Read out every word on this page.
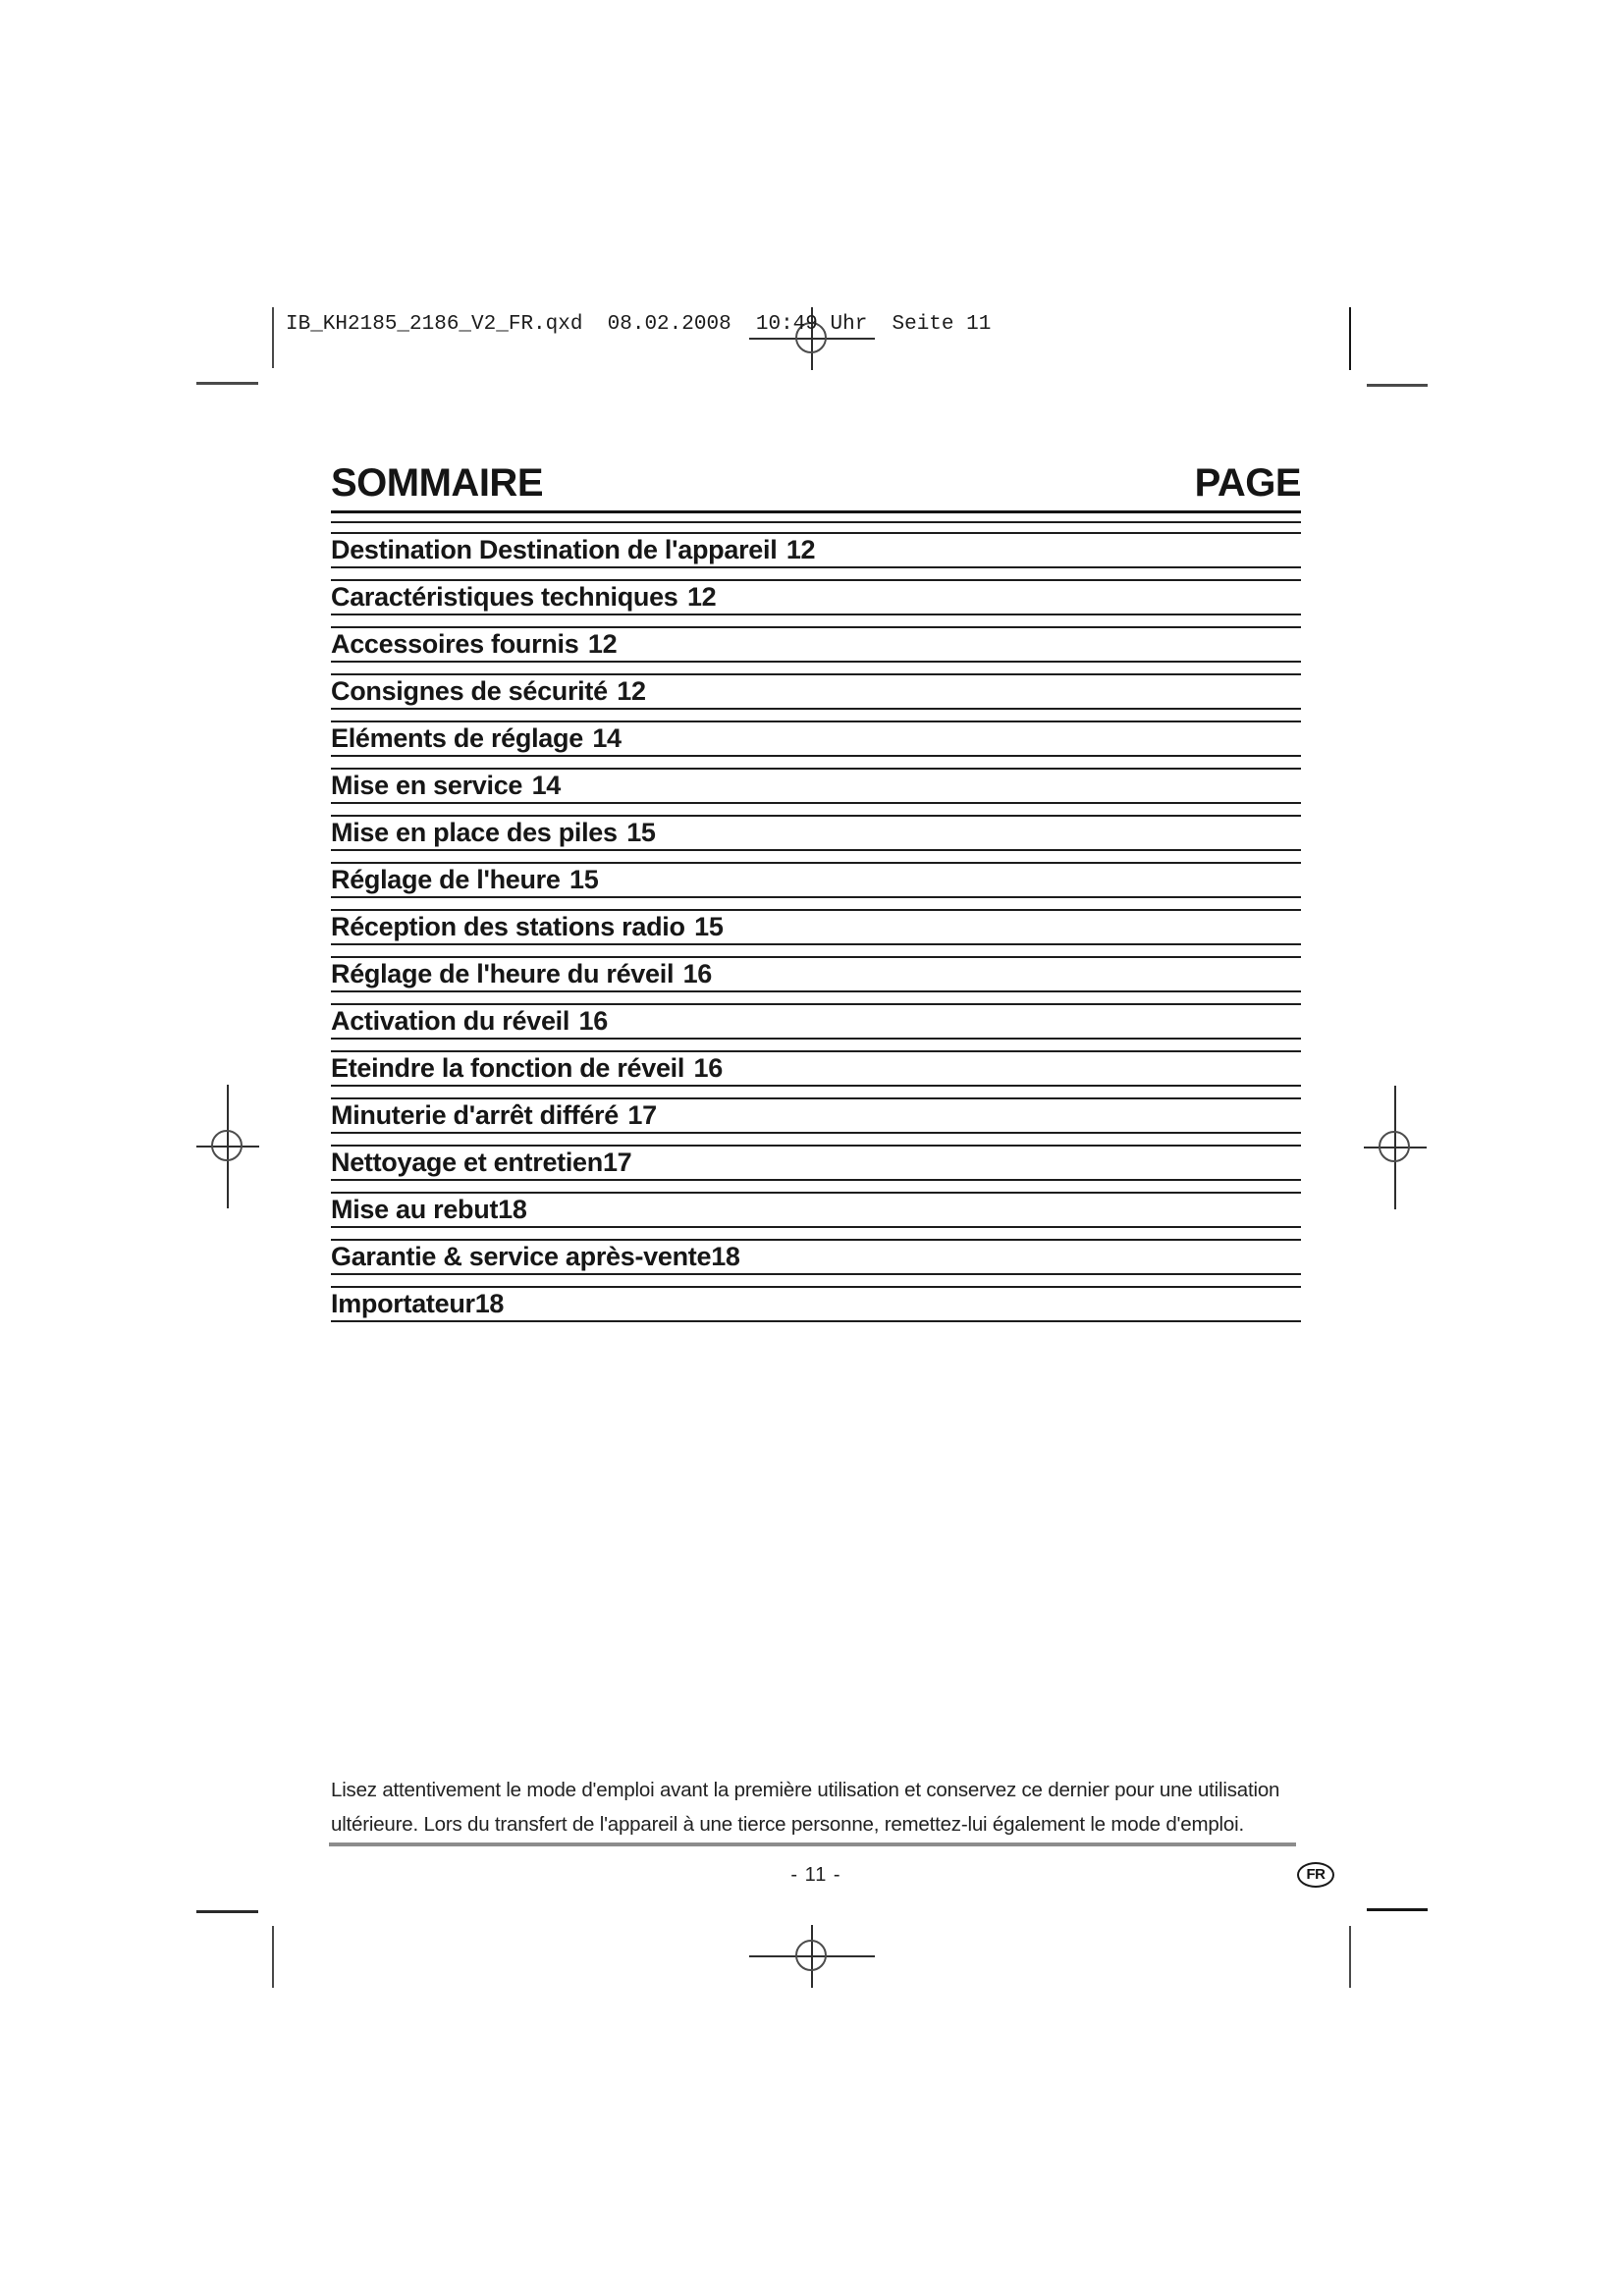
IB_KH2185_2186_V2_FR.qxd  08.02.2008  10:49 Uhr  Seite 11
SOMMAIRE	PAGE
Destination Destination de l'appareil 12
Caractéristiques techniques 12
Accessoires fournis 12
Consignes de sécurité 12
Eléments de réglage 14
Mise en service 14
Mise en place des piles 15
Réglage de l'heure 15
Réception des stations radio 15
Réglage de l'heure du réveil 16
Activation du réveil 16
Eteindre la fonction de réveil 16
Minuterie d'arrêt différé 17
Nettoyage et entretien 17
Mise au rebut 18
Garantie & service après-vente 18
Importateur 18
Lisez attentivement le mode d'emploi avant la première utilisation et conservez ce dernier pour une utilisation
ultérieure. Lors du transfert de l'appareil à une tierce personne, remettez-lui également le mode d'emploi.
- 11 -	FR
